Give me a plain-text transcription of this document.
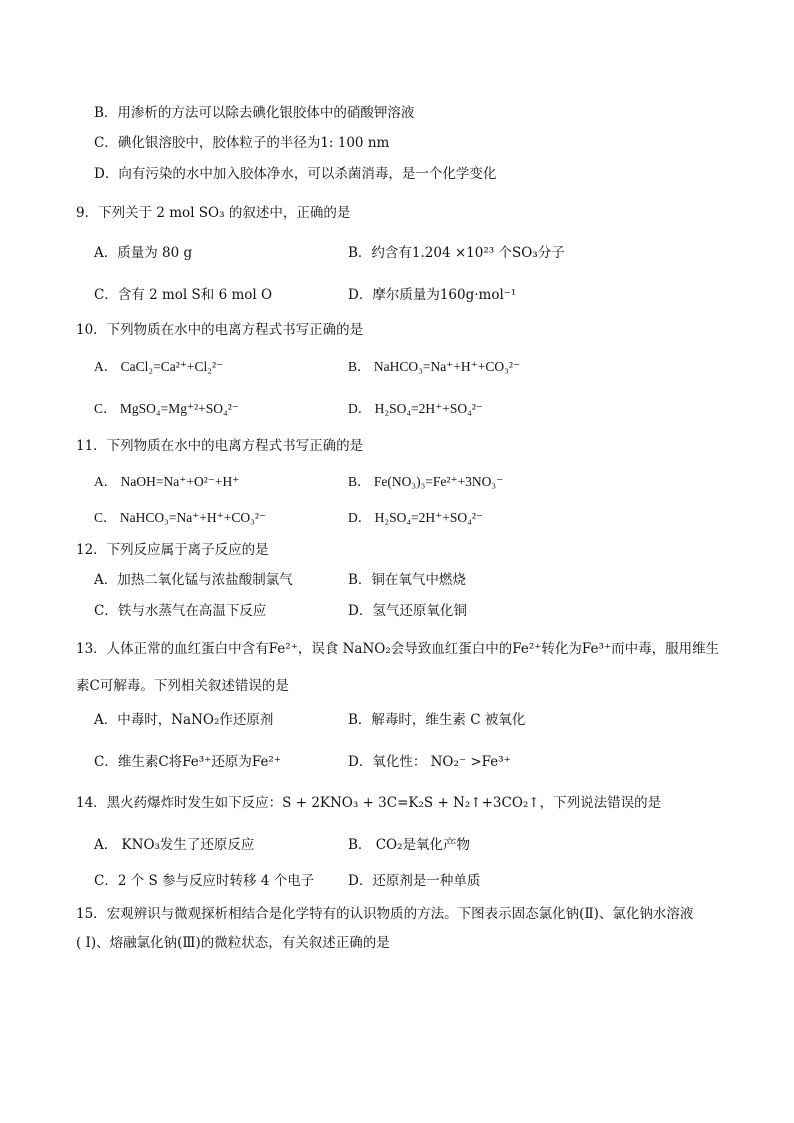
B．用渗析的方法可以除去碘化银胶体中的硝酸钾溶液
C．碘化银溶胶中，胶体粒子的半径为1: 100 nm
D．向有污染的水中加入胶体净水，可以杀菌消毒，是一个化学变化
9．下列关于 2 mol SO₃ 的叙述中，正确的是
A．质量为 80 g	B．约含有1.204 ×10²³ 个SO₃分子
C．含有 2 mol S和 6 mol O	D．摩尔质量为160g·mol⁻¹
10．下列物质在水中的电离方程式书写正确的是
A． CaCl₂=Ca²⁺+Cl₂²⁻	B． NaHCO₃=Na⁺+H⁺+CO₃²⁻
C． MgSO₄=Mg⁺²+SO₄²⁻	D． H₂SO₄=2H⁺+SO₄²⁻
11．下列物质在水中的电离方程式书写正确的是
A． NaOH=Na⁺+O²⁻+H⁺	B． Fe(NO₃)₃=Fe²⁺+3NO₃⁻
C． NaHCO₃=Na⁺+H⁺+CO₃²⁻	D． H₂SO₄=2H⁺+SO₄²⁻
12．下列反应属于离子反应的是
A．加热二氧化锰与浓盐酸制氯气	B．铜在氧气中燃烧
C．铁与水蒸气在高温下反应	D．氢气还原氧化铜
13．人体正常的血红蛋白中含有Fe²⁺，误食 NaNO₂会导致血红蛋白中的Fe²⁺转化为Fe³⁺而中毒，服用维生
素C可解毒。下列相关叙述错误的是
A．中毒时，NaNO₂作还原剂	B．解毒时，维生素 C 被氧化
C．维生素C将Fe³⁺还原为Fe²⁺	D．氧化性： NO₂⁻ >Fe³⁺
14．黑火药爆炸时发生如下反应：S + 2KNO₃ + 3C=K₂S + N₂↑+3CO₂↑，下列说法错误的是
A． KNO₃发生了还原反应	B． CO₂是氧化产物
C．2 个 S 参与反应时转移 4 个电子	D．还原剂是一种单质
15．宏观辨识与微观探析相结合是化学特有的认识物质的方法。下图表示固态氯化钠(Ⅱ)、氯化钠水溶液
( I)、熔融氯化钠(Ⅲ)的微粒状态，有关叙述正确的是
